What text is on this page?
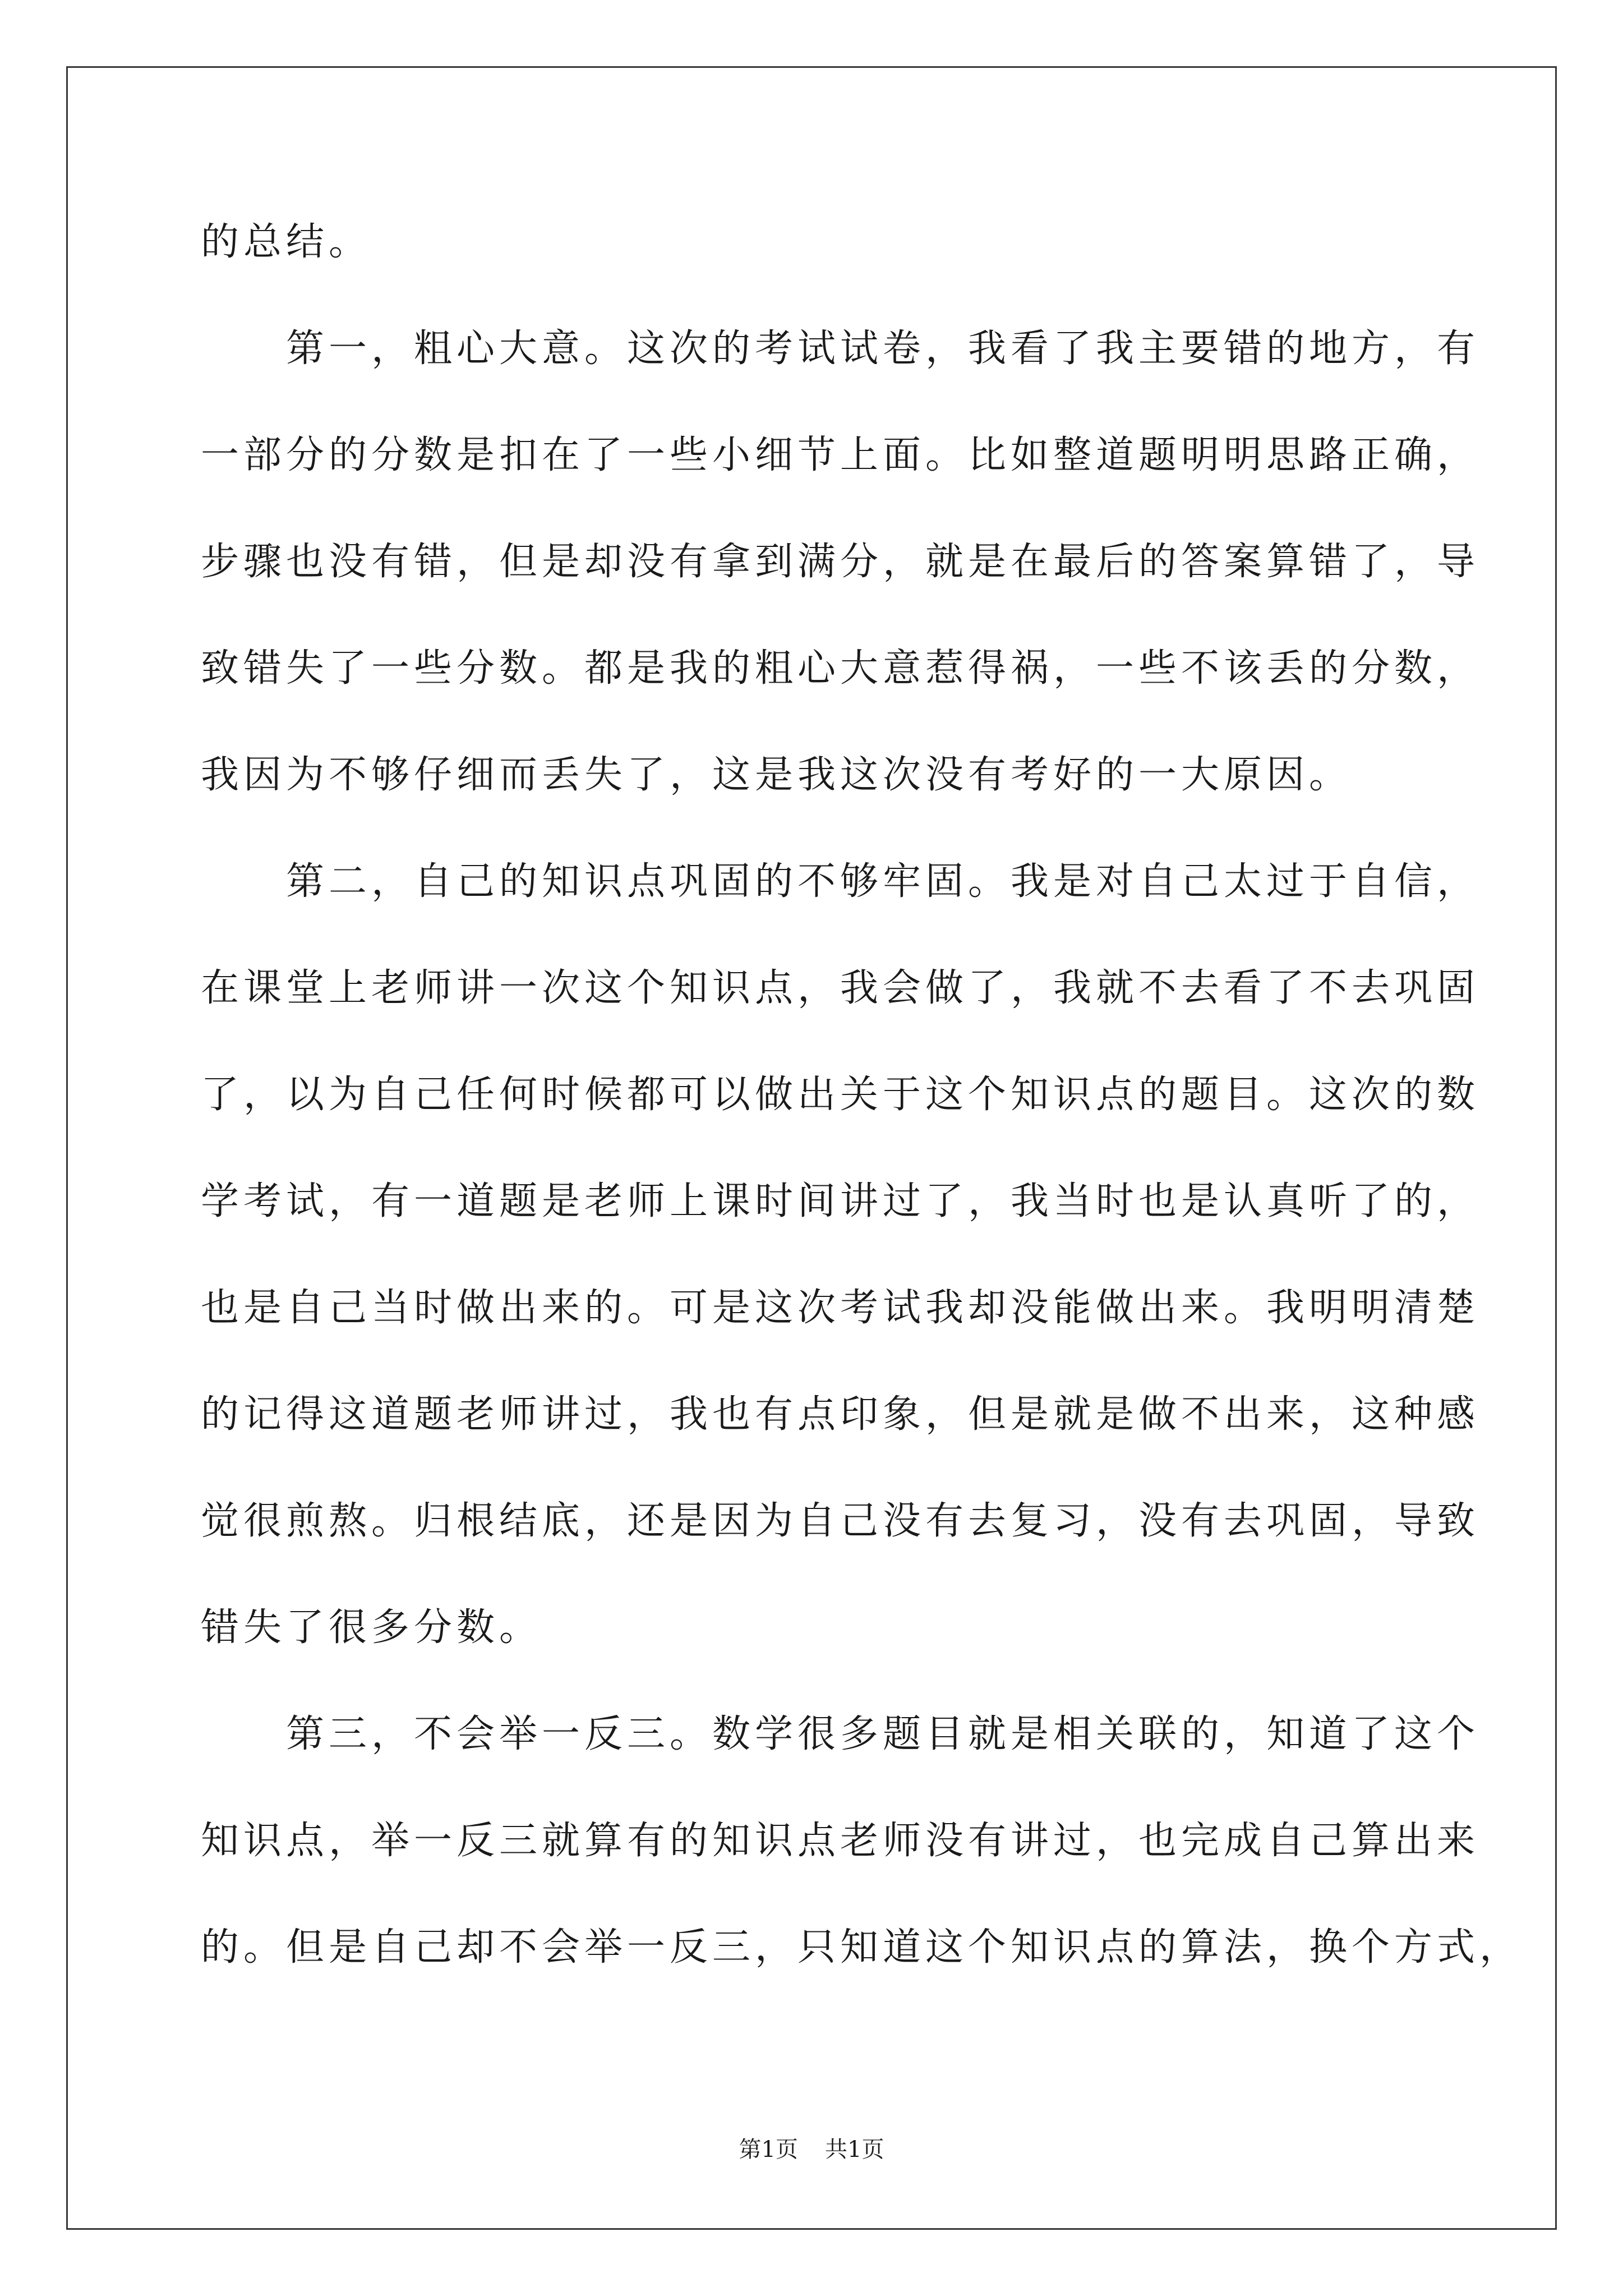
的总结。
　　第一，粗心大意。这次的考试试卷，我看了我主要错的地方，有
一部分的分数是扣在了一些小细节上面。比如整道题明明思路正确，
步骤也没有错，但是却没有拿到满分，就是在最后的答案算错了，导
致错失了一些分数。都是我的粗心大意惹得祸，一些不该丢的分数，
我因为不够仔细而丢失了，这是我这次没有考好的一大原因。
　　第二，自己的知识点巩固的不够牢固。我是对自己太过于自信，
在课堂上老师讲一次这个知识点，我会做了，我就不去看了不去巩固
了，以为自己任何时候都可以做出关于这个知识点的题目。这次的数
学考试，有一道题是老师上课时间讲过了，我当时也是认真听了的，
也是自己当时做出来的。可是这次考试我却没能做出来。我明明清楚
的记得这道题老师讲过，我也有点印象，但是就是做不出来，这种感
觉很煎熬。归根结底，还是因为自己没有去复习，没有去巩固，导致
错失了很多分数。
　　第三，不会举一反三。数学很多题目就是相关联的，知道了这个
知识点，举一反三就算有的知识点老师没有讲过，也完成自己算出来
的。但是自己却不会举一反三，只知道这个知识点的算法，换个方式，
第1页 共1页
